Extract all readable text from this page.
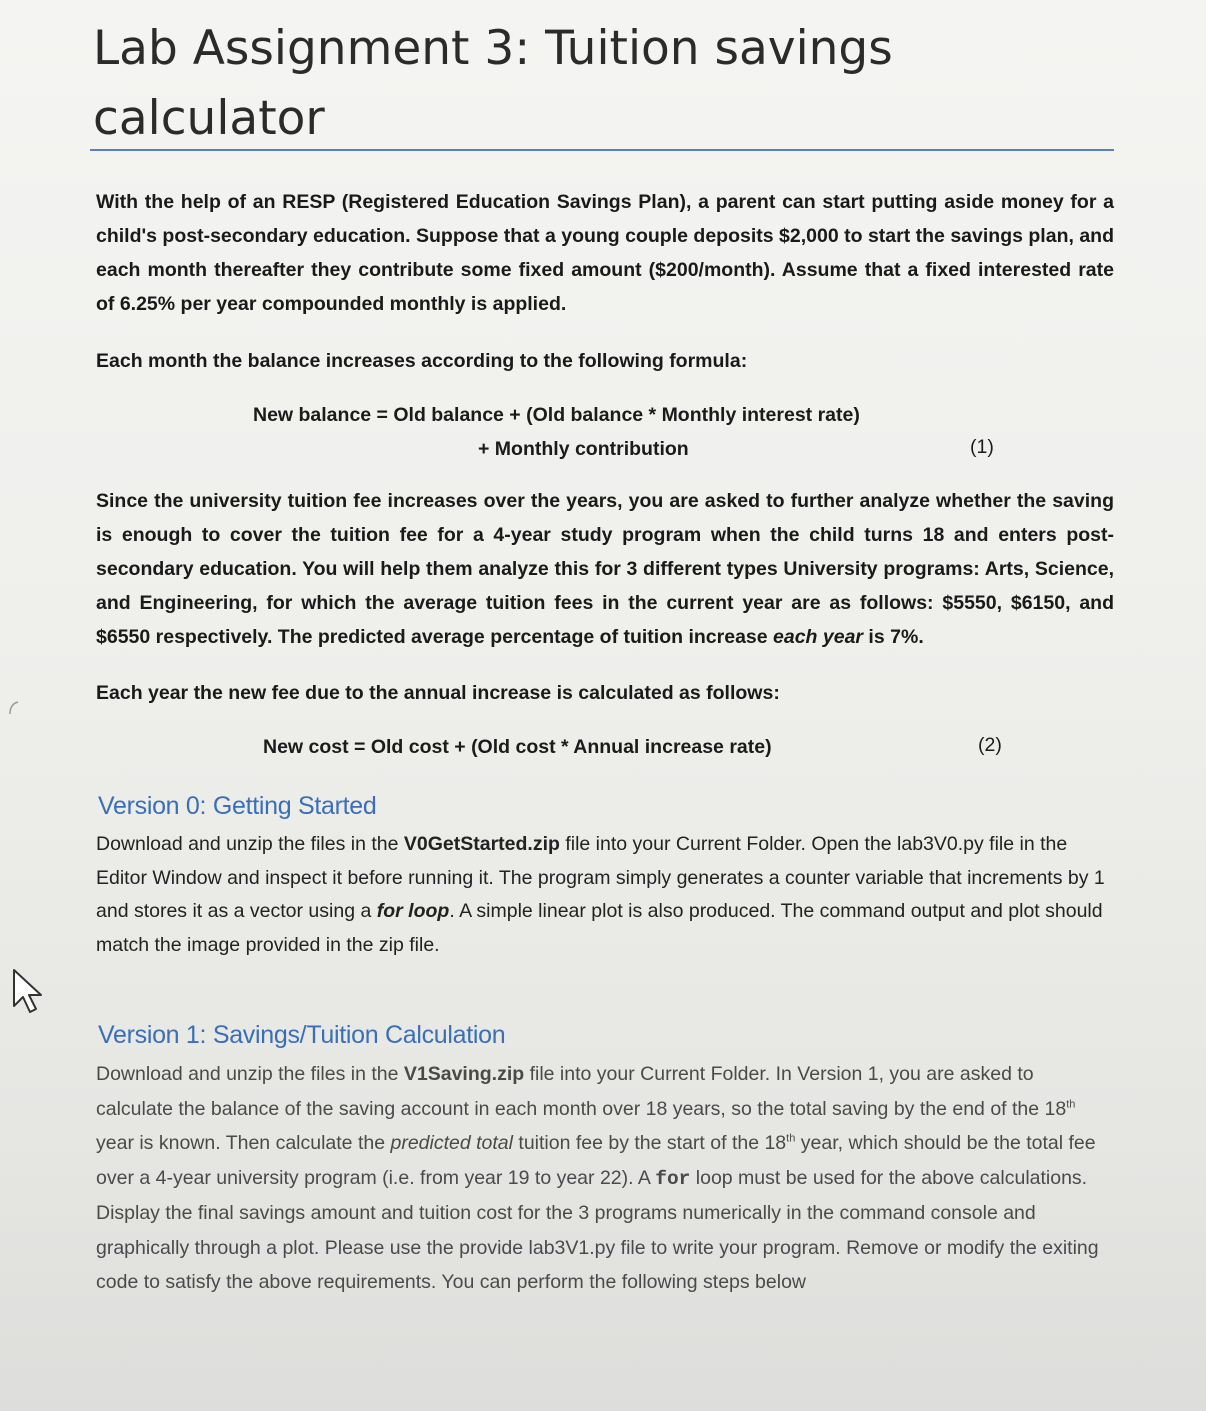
Lab Assignment 3: Tuition savings calculator

With the help of an RESP (Registered Education Savings Plan), a parent can start putting aside money for a child's post-secondary education. Suppose that a young couple deposits $2,000 to start the savings plan, and each month thereafter they contribute some fixed amount ($200/month). Assume that a fixed interested rate of 6.25% per year compounded monthly is applied.

Each month the balance increases according to the following formula:

New balance = Old balance + (Old balance * Monthly interest rate)
+ Monthly contribution	(1)

Since the university tuition fee increases over the years, you are asked to further analyze whether the saving is enough to cover the tuition fee for a 4-year study program when the child turns 18 and enters post-secondary education. You will help them analyze this for 3 different types University programs: Arts, Science, and Engineering, for which the average tuition fees in the current year are as follows: $5550, $6150, and $6550 respectively. The predicted average percentage of tuition increase each year is 7%.

Each year the new fee due to the annual increase is calculated as follows:

New cost = Old cost + (Old cost * Annual increase rate)	(2)
Version 0: Getting Started

Download and unzip the files in the V0GetStarted.zip file into your Current Folder. Open the lab3V0.py file in the Editor Window and inspect it before running it. The program simply generates a counter variable that increments by 1 and stores it as a vector using a for loop. A simple linear plot is also produced. The command output and plot should match the image provided in the zip file.

Version 1: Savings/Tuition Calculation

Download and unzip the files in the V1Saving.zip file into your Current Folder. In Version 1, you are asked to calculate the balance of the saving account in each month over 18 years, so the total saving by the end of the 18th year is known. Then calculate the predicted total tuition fee by the start of the 18th year, which should be the total fee over a 4-year university program (i.e. from year 19 to year 22). A for loop must be used for the above calculations. Display the final savings amount and tuition cost for the 3 programs numerically in the command console and graphically through a plot. Please use the provide lab3V1.py file to write your program. Remove or modify the exiting code to satisfy the above requirements. You can perform the following steps below
